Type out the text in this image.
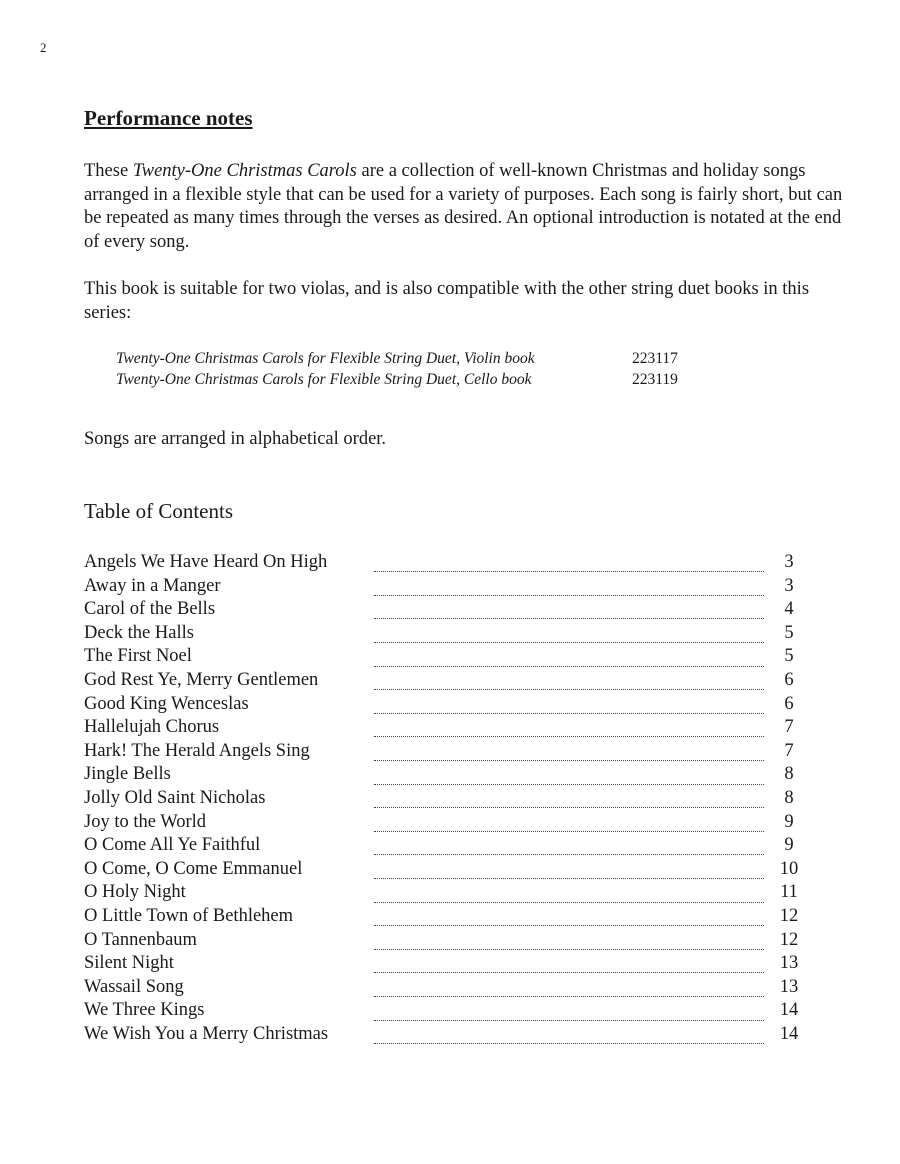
2
Performance notes
These Twenty-One Christmas Carols are a collection of well-known Christmas and holiday songs arranged in a flexible style that can be used for a variety of purposes. Each song is fairly short, but can be repeated as many times through the verses as desired. An optional introduction is notated at the end of every song.
This book is suitable for two violas, and is also compatible with the other string duet books in this series:
Twenty-One Christmas Carols for Flexible String Duet, Violin book	223117
Twenty-One Christmas Carols for Flexible String Duet, Cello book	223119
Songs are arranged in alphabetical order.
Table of Contents
Angels We Have Heard On High	3
Away in a Manger	3
Carol of the Bells	4
Deck the Halls	5
The First Noel	5
God Rest Ye, Merry Gentlemen	6
Good King Wenceslas	6
Hallelujah Chorus	7
Hark! The Herald Angels Sing	7
Jingle Bells	8
Jolly Old Saint Nicholas	8
Joy to the World	9
O Come All Ye Faithful	9
O Come, O Come Emmanuel	10
O Holy Night	11
O Little Town of Bethlehem	12
O Tannenbaum	12
Silent Night	13
Wassail Song	13
We Three Kings	14
We Wish You a Merry Christmas	14
